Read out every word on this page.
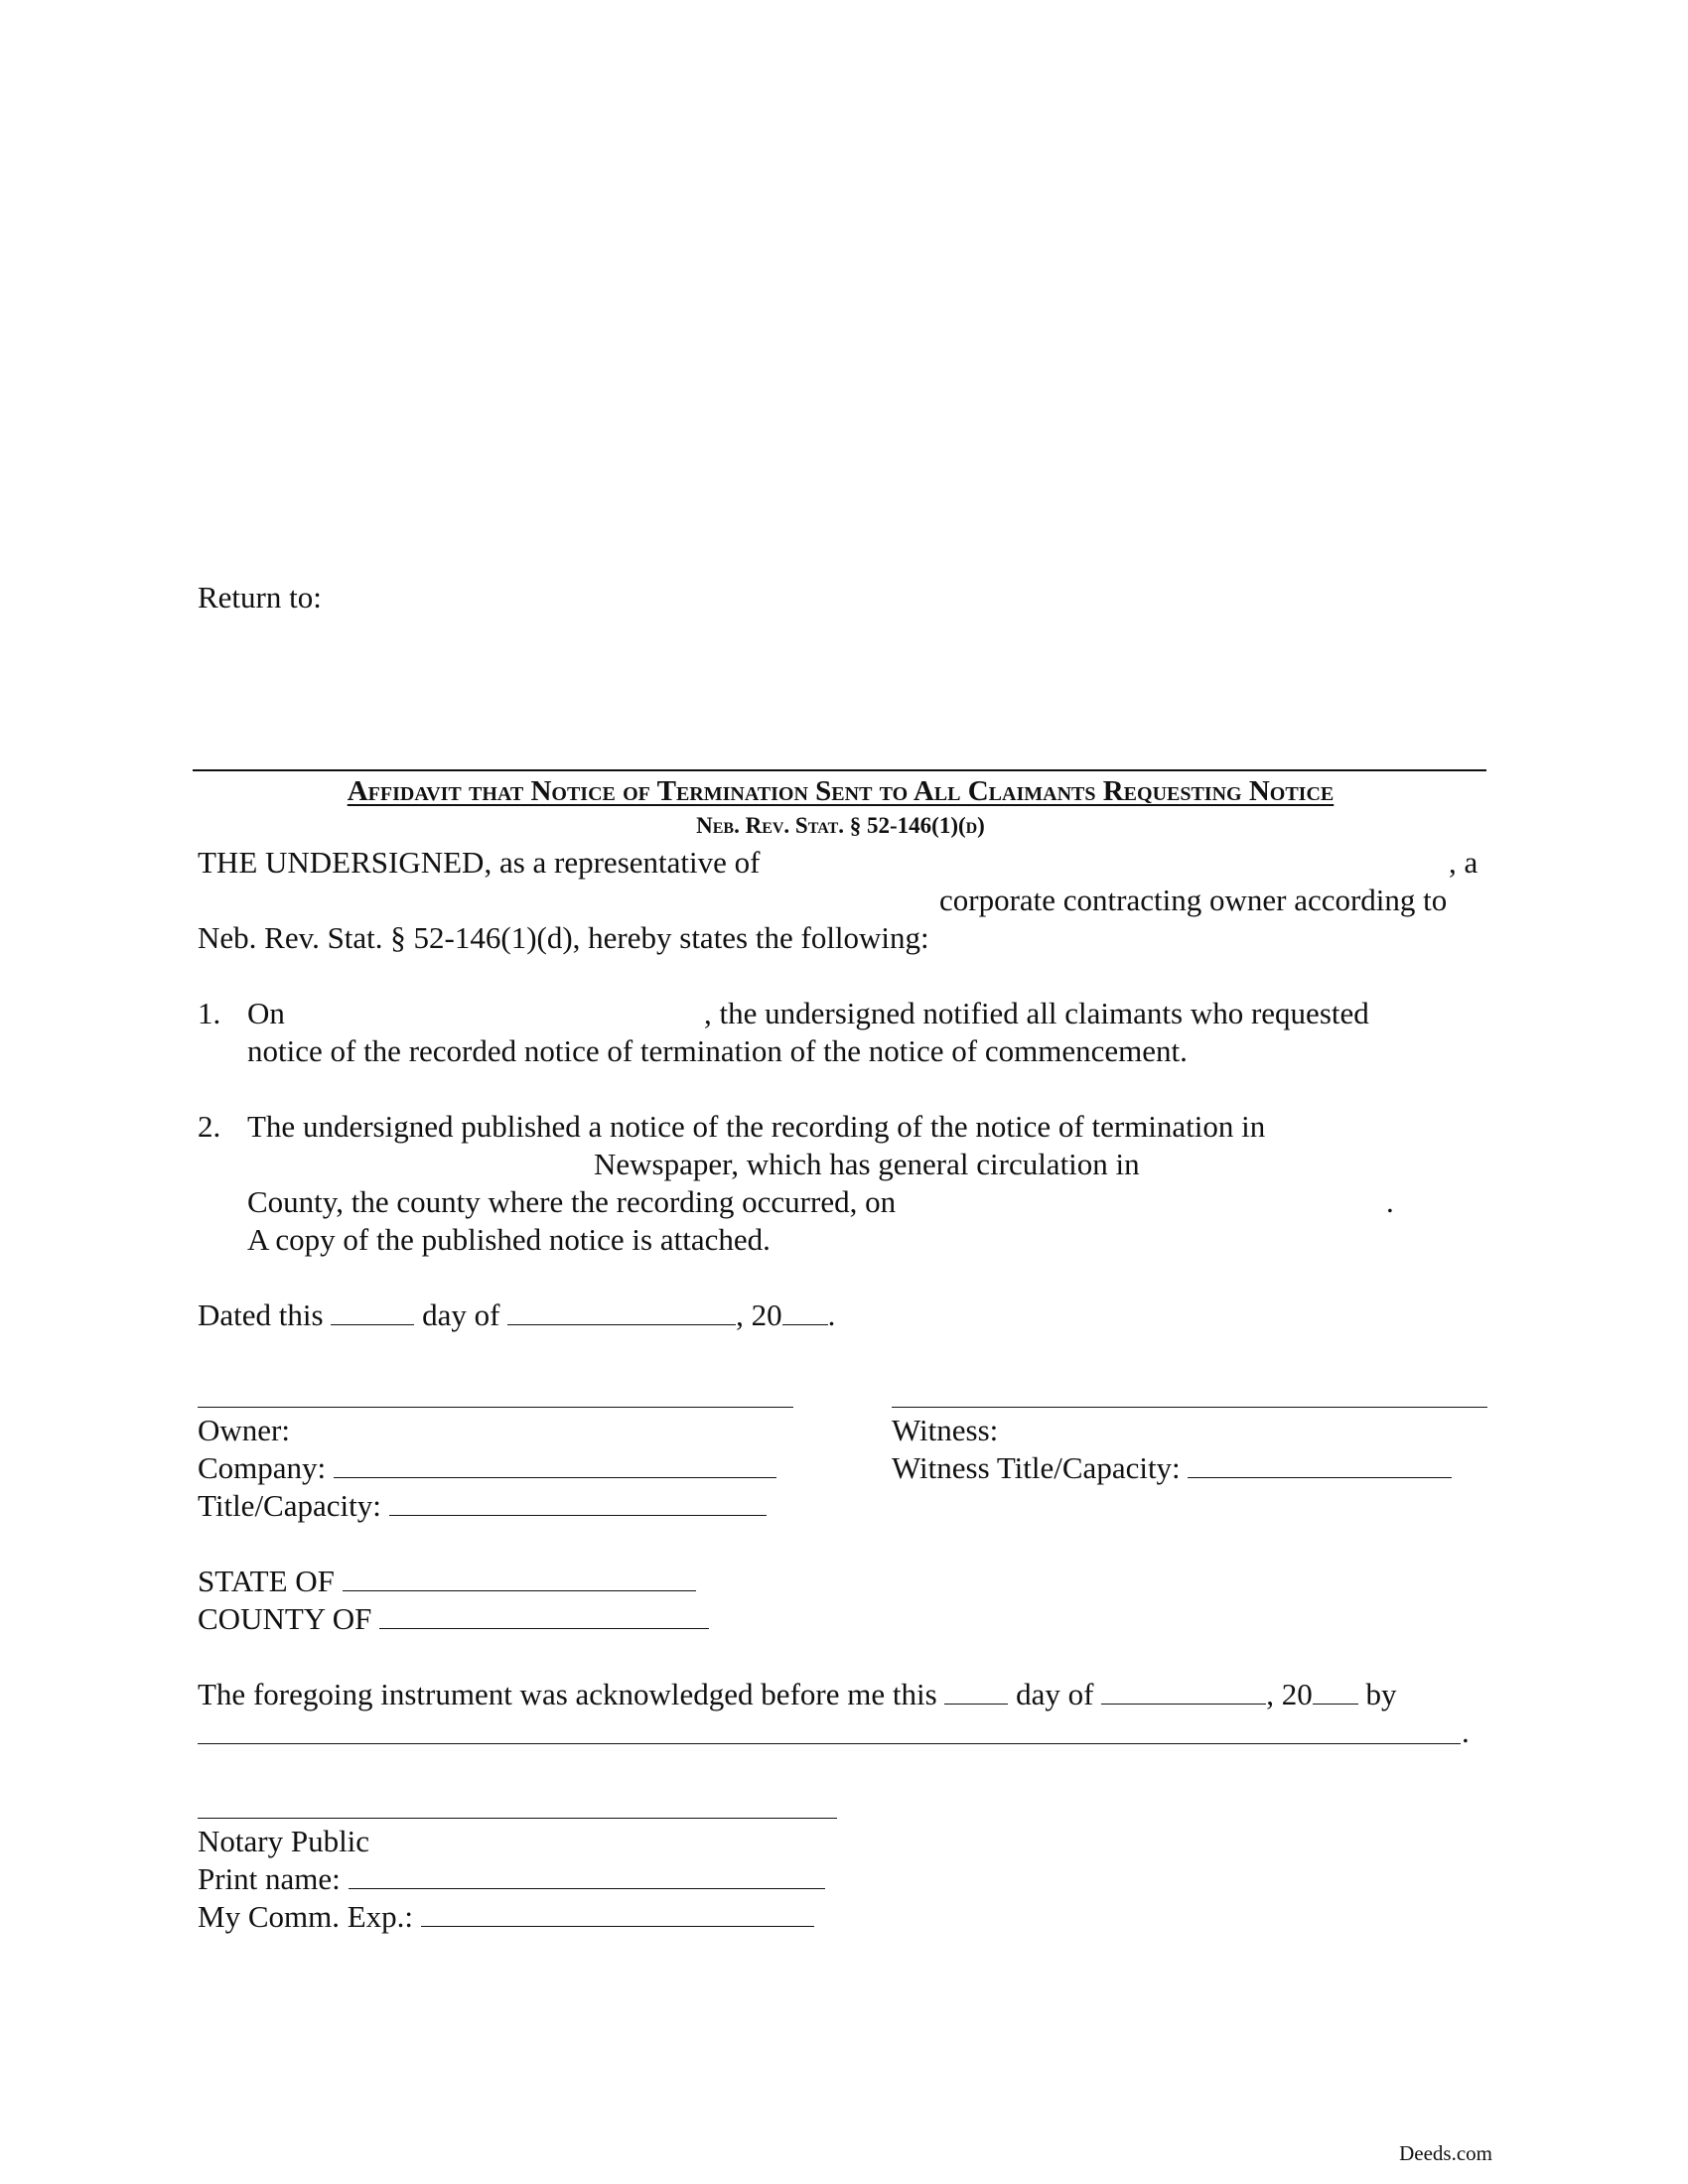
Return to:
Affidavit that Notice of Termination Sent to All Claimants Requesting Notice
Neb. Rev. Stat. § 52-146(1)(d)
THE UNDERSIGNED, as a representative of	, a
corporate contracting owner according to
Neb. Rev. Stat. § 52-146(1)(d), hereby states the following:
1. On	, the undersigned notified all claimants who requested
notice of the recorded notice of termination of the notice of commencement.
2. The undersigned published a notice of the recording of the notice of termination in
Newspaper, which has general circulation in
County, the county where the recording occurred, on	.
A copy of the published notice is attached.
Dated this	day of	, 20 .
Owner:	Witness:
Company:	Witness Title/Capacity:
Title/Capacity:
STATE OF
COUNTY OF
The foregoing instrument was acknowledged before me this	day of	, 20 by
.
Notary Public
Print name:
My Comm. Exp.:
Deeds.com
